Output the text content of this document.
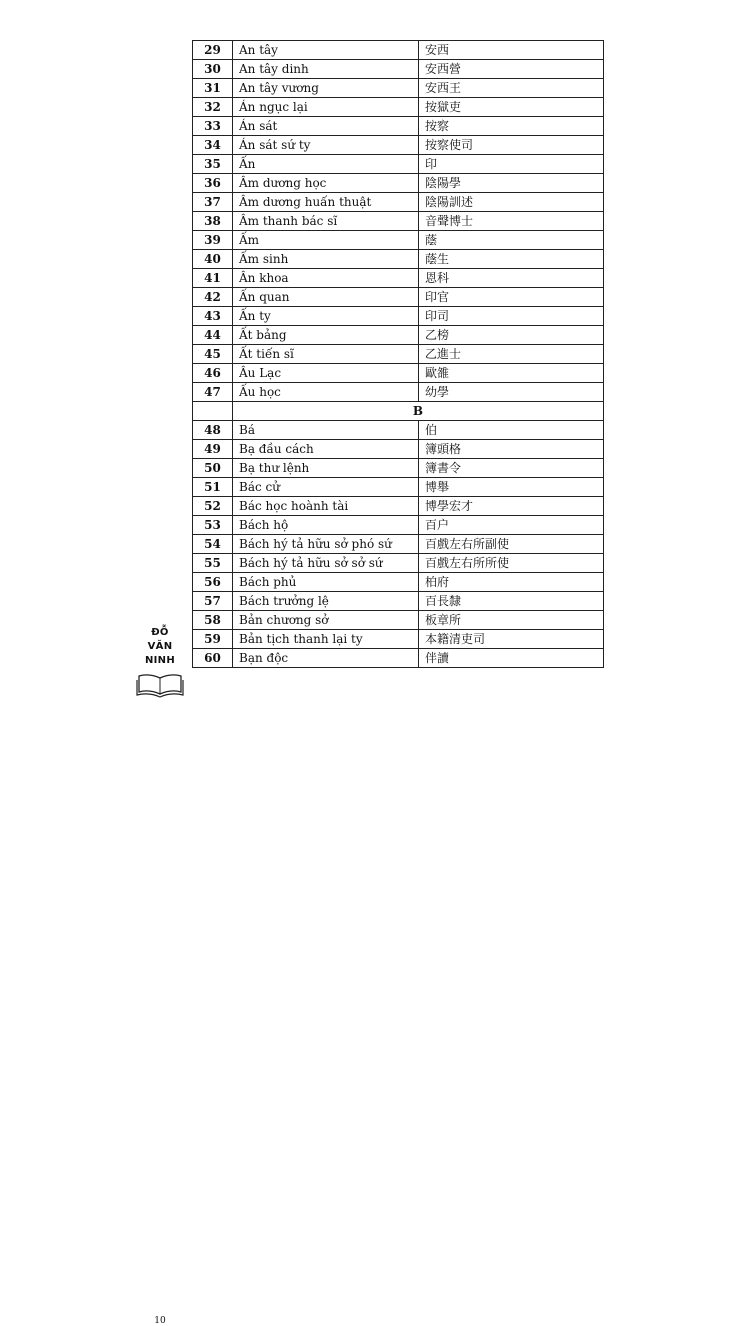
29	An tây	安西
30	An tây dinh	安西營
31	An tây vương	安西王
32	Án ngục lại	按獄吏
33	Án sát	按察
34	Án sát sứ ty	按察使司
35	Ấn	印
36	Âm dương học	陰陽學
37	Âm dương huấn thuật	陰陽訓述
38	Âm thanh bác sĩ	音聲博士
39	Ấm	蔭
40	Ấm sinh	蔭生
41	Ân khoa	恩科
42	Ấn quan	印官
43	Ấn ty	印司
44	Ất bảng	乙榜
45	Ất tiến sĩ	乙進士
46	Âu Lạc	歐雒
47	Ấu học	幼學
	B	
48	Bá	伯
49	Bạ đầu cách	簿頭格
50	Bạ thư lệnh	簿書令
51	Bác cử	博舉
52	Bác học hoành tài	博學宏才
53	Bách hộ	百户
54	Bách hý tả hữu sở phó sứ	百戲左右所副使
55	Bách hý tả hữu sở sở sứ	百戲左右所所使
56	Bách phủ	柏府
57	Bách trưởng lệ	百長隸
58	Bản chương sở	板章所
59	Bản tịch thanh lại ty	本籍清吏司
60	Bạn độc	伴讀
ĐỖ
VĂN
NINH
10
